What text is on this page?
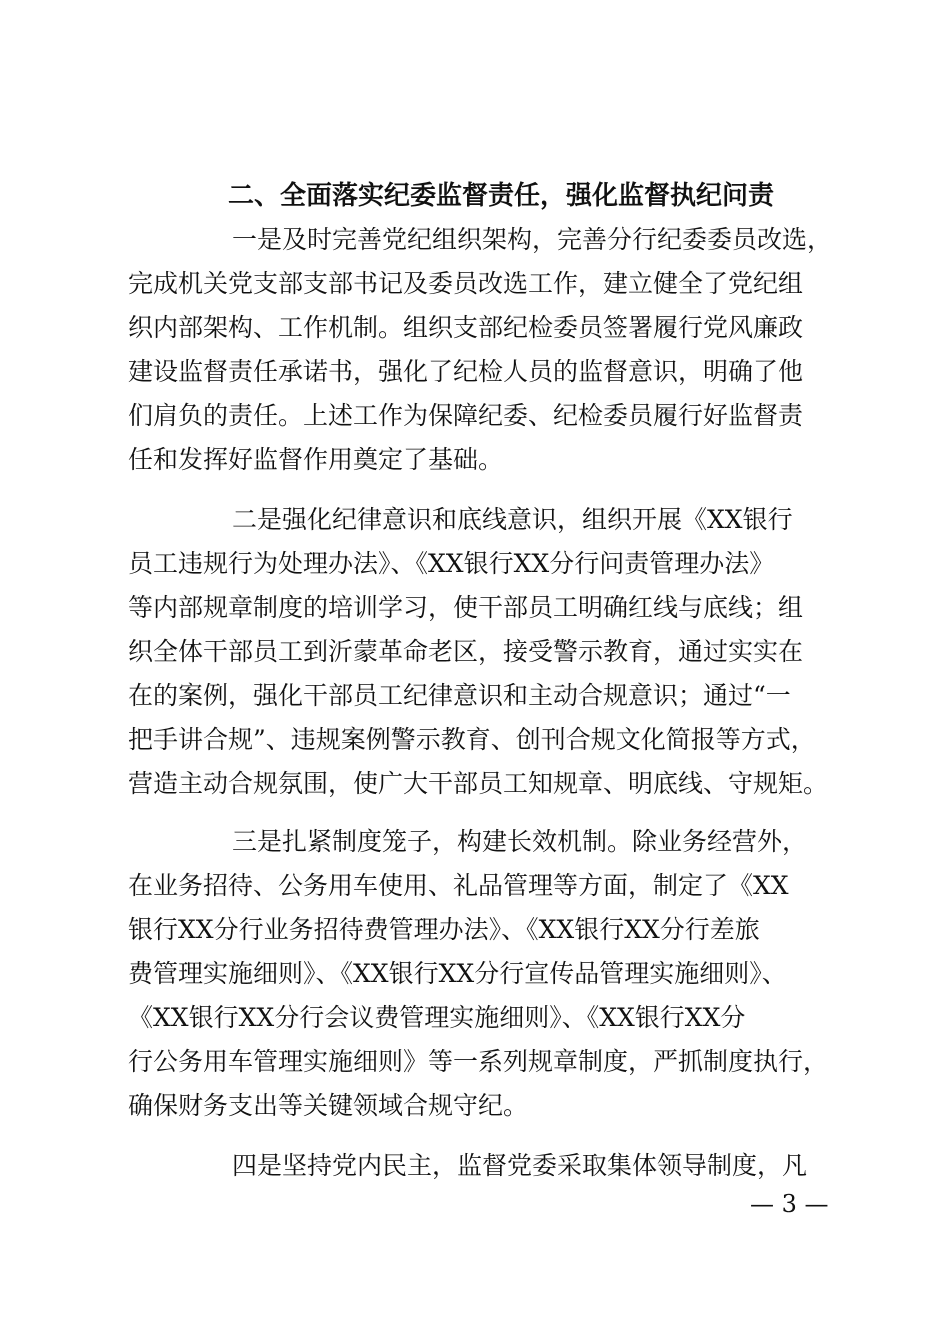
二、全面落实纪委监督责任，强化监督执纪问责
一是及时完善党纪组织架构，完善分行纪委委员改选，
完成机关党支部支部书记及委员改选工作，建立健全了党纪组
织内部架构、工作机制。组织支部纪检委员签署履行党风廉政
建设监督责任承诺书，强化了纪检人员的监督意识，明确了他
们肩负的责任。上述工作为保障纪委、纪检委员履行好监督责
任和发挥好监督作用奠定了基础。
二是强化纪律意识和底线意识，组织开展《XX银行
员工违规行为处理办法》、《XX银行XX分行问责管理办法》
等内部规章制度的培训学习，使干部员工明确红线与底线；组
织全体干部员工到沂蒙革命老区，接受警示教育，通过实实在
在的案例，强化干部员工纪律意识和主动合规意识；通过“一
把手讲合规”、违规案例警示教育、创刊合规文化简报等方式，
营造主动合规氛围，使广大干部员工知规章、明底线、守规矩。
三是扎紧制度笼子，构建长效机制。除业务经营外，
在业务招待、公务用车使用、礼品管理等方面，制定了《XX
银行XX分行业务招待费管理办法》、《XX银行XX分行差旅
费管理实施细则》、《XX银行XX分行宣传品管理实施细则》、
《XX银行XX分行会议费管理实施细则》、《XX银行XX分
行公务用车管理实施细则》等一系列规章制度，严抓制度执行，
确保财务支出等关键领域合规守纪。
四是坚持党内民主，监督党委采取集体领导制度，凡
— 3 —
